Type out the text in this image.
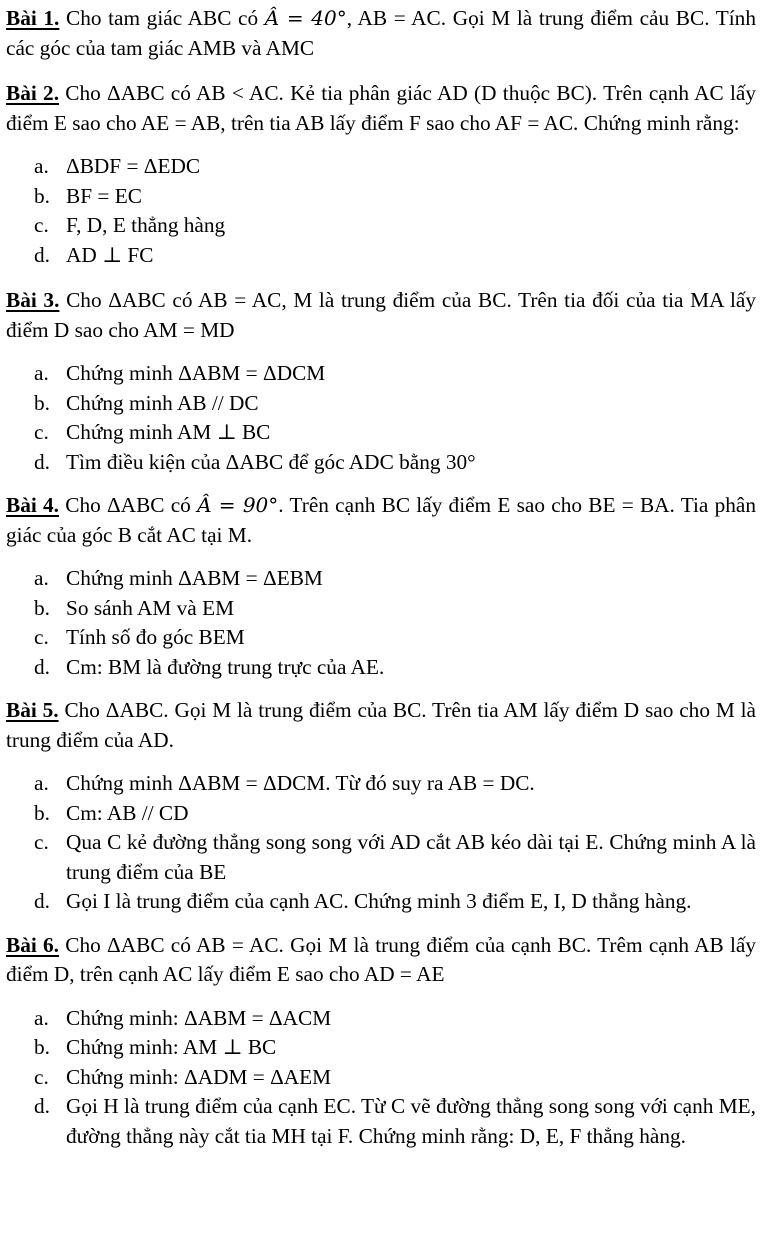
Bài 1. Cho tam giác ABC có Â = 40°, AB = AC. Gọi M là trung điểm cảu BC. Tính các góc của tam giác AMB và AMC
Bài 2. Cho ΔABC có AB < AC. Kẻ tia phân giác AD (D thuộc BC). Trên cạnh AC lấy điểm E sao cho AE = AB, trên tia AB lấy điểm F sao cho AF = AC. Chứng minh rằng:
a. ΔBDF = ΔEDC
b. BF = EC
c. F, D, E thẳng hàng
d. AD ⊥ FC
Bài 3. Cho ΔABC có AB = AC, M là trung điểm của BC. Trên tia đối của tia MA lấy điểm D sao cho AM = MD
a. Chứng minh ΔABM = ΔDCM
b. Chứng minh AB // DC
c. Chứng minh AM ⊥ BC
d. Tìm điều kiện của ΔABC để góc ADC bằng 30°
Bài 4. Cho ΔABC có Â = 90°. Trên cạnh BC lấy điểm E sao cho BE = BA. Tia phân giác của góc B cắt AC tại M.
a. Chứng minh ΔABM = ΔEBM
b. So sánh AM và EM
c. Tính số đo góc BEM
d. Cm: BM là đường trung trực của AE.
Bài 5. Cho ΔABC. Gọi M là trung điểm của BC. Trên tia AM lấy điểm D sao cho M là trung điểm của AD.
a. Chứng minh ΔABM = ΔDCM. Từ đó suy ra AB = DC.
b. Cm: AB // CD
c. Qua C kẻ đường thẳng song song với AD cắt AB kéo dài tại E. Chứng minh A là trung điểm của BE
d. Gọi I là trung điểm của cạnh AC. Chứng minh 3 điểm E, I, D thẳng hàng.
Bài 6. Cho ΔABC có AB = AC. Gọi M là trung điểm của cạnh BC. Trêm cạnh AB lấy điểm D, trên cạnh AC lấy điểm E sao cho AD = AE
a. Chứng minh: ΔABM = ΔACM
b. Chứng minh: AM ⊥ BC
c. Chứng minh: ΔADM = ΔAEM
d. Gọi H là trung điểm của cạnh EC. Từ C vẽ đường thẳng song song với cạnh ME, đường thẳng này cắt tia MH tại F. Chứng minh rằng: D, E, F thẳng hàng.
